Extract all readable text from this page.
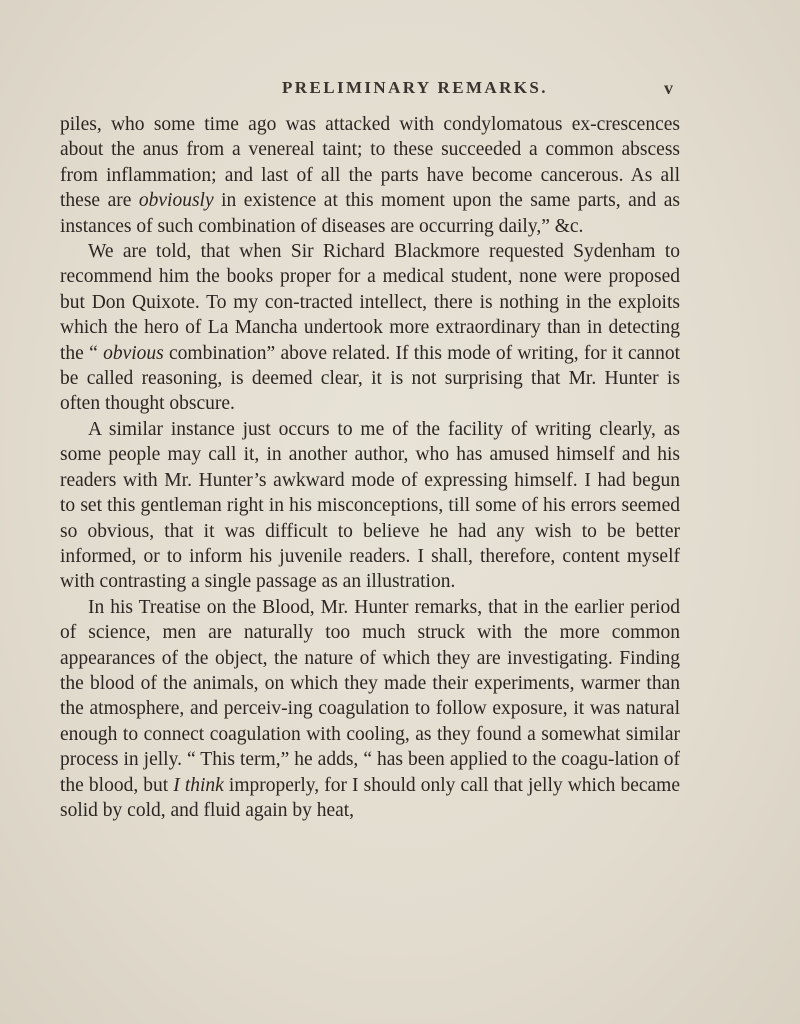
PRELIMINARY REMARKS.	v

piles, who some time ago was attacked with condylomatous ex-crescences about the anus from a venereal taint; to these succeeded a common abscess from inflammation; and last of all the parts have become cancerous. As all these are obviously in existence at this moment upon the same parts, and as instances of such combination of diseases are occurring daily,” &c.

We are told, that when Sir Richard Blackmore requested Sydenham to recommend him the books proper for a medical student, none were proposed but Don Quixote. To my con-tracted intellect, there is nothing in the exploits which the hero of La Mancha undertook more extraordinary than in detecting the “ obvious combination” above related. If this mode of writing, for it cannot be called reasoning, is deemed clear, it is not surprising that Mr. Hunter is often thought obscure.

A similar instance just occurs to me of the facility of writing clearly, as some people may call it, in another author, who has amused himself and his readers with Mr. Hunter’s awkward mode of expressing himself. I had begun to set this gentleman right in his misconceptions, till some of his errors seemed so obvious, that it was difficult to believe he had any wish to be better informed, or to inform his juvenile readers. I shall, therefore, content myself with contrasting a single passage as an illustration.

In his Treatise on the Blood, Mr. Hunter remarks, that in the earlier period of science, men are naturally too much struck with the more common appearances of the object, the nature of which they are investigating. Finding the blood of the animals, on which they made their experiments, warmer than the atmosphere, and perceiv-ing coagulation to follow exposure, it was natural enough to connect coagulation with cooling, as they found a somewhat similar process in jelly. “ This term,” he adds, “ has been applied to the coagu-lation of the blood, but I think improperly, for I should only call that jelly which became solid by cold, and fluid again by heat,
